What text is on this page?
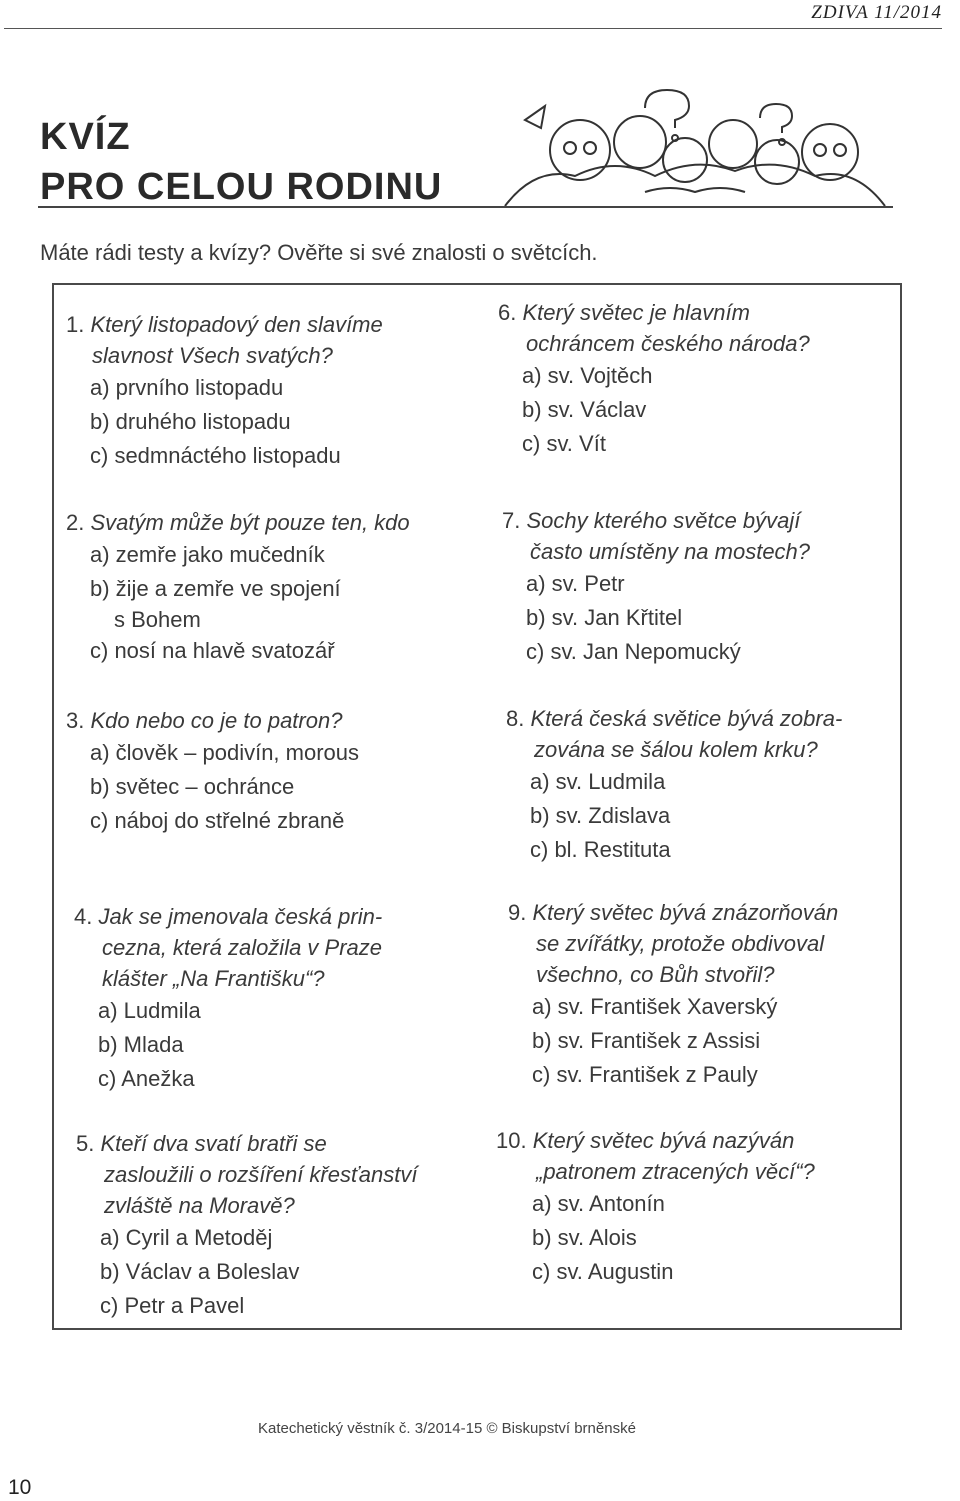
ZDIVA 11/2014
KVÍZ
PRO CELOU RODINU
Máte rádi testy a kvízy? Ověřte si své znalosti o světcích.
1. Který listopadový den slavíme
slavnost Všech svatých?
a) prvního listopadu
b) druhého listopadu
c) sedmnáctého listopadu
2. Svatým může být pouze ten, kdo
a) zemře jako mučedník
b) žije a zemře ve spojení
s Bohem
c) nosí na hlavě svatozář
3. Kdo nebo co je to patron?
a) člověk – podivín, morous
b) světec – ochránce
c) náboj do střelné zbraně
4. Jak se jmenovala česká prin-
cezna, která založila v Praze
klášter „Na Františku“?
a) Ludmila
b) Mlada
c) Anežka
5. Kteří dva svatí bratři se
zasloužili o rozšíření křesťanství
zvláště na Moravě?
a) Cyril a Metoděj
b) Václav a Boleslav
c) Petr a Pavel
6. Který světec je hlavním
ochráncem českého národa?
a) sv. Vojtěch
b) sv. Václav
c) sv. Vít
7. Sochy kterého světce bývají
často umístěny na mostech?
a) sv. Petr
b) sv. Jan Křtitel
c) sv. Jan Nepomucký
8. Která česká světice bývá zobra-
zována se šálou kolem krku?
a) sv. Ludmila
b) sv. Zdislava
c) bl. Restituta
9. Který světec bývá znázorňován
se zvířátky, protože obdivoval
všechno, co Bůh stvořil?
a) sv. František Xaverský
b) sv. František z Assisi
c) sv. František z Pauly
10. Který světec bývá nazýván
„patronem ztracených věcí“?
a) sv. Antonín
b) sv. Alois
c) sv. Augustin
Katechetický věstník č. 3/2014-15 © Biskupství brněnské
10
